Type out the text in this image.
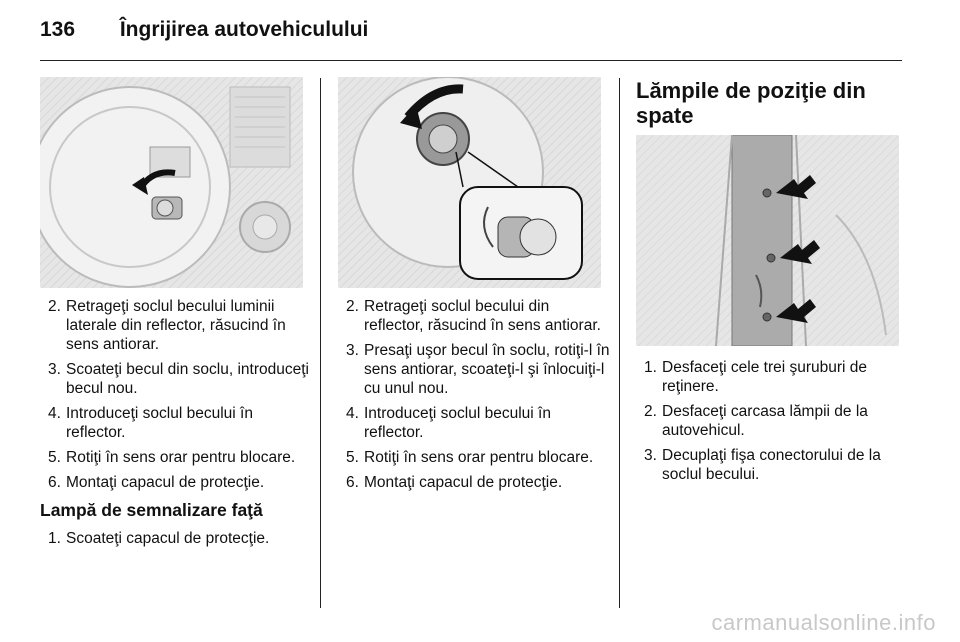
136 Îngrijirea autovehiculului
2. Retrageţi soclul becului luminii laterale din reflector, răsucind în sens antiorar.
3. Scoateţi becul din soclu, introduceţi becul nou.
4. Introduceţi soclul becului în reflector.
5. Rotiţi în sens orar pentru blocare.
6. Montaţi capacul de protecţie.
Lampă de semnalizare faţă
1. Scoateţi capacul de protecţie.
2. Retrageţi soclul becului din reflector, răsucind în sens antiorar.
3. Presaţi uşor becul în soclu, rotiţi-l în sens antiorar, scoateţi-l şi înlocuiţi-l cu unul nou.
4. Introduceţi soclul becului în reflector.
5. Rotiţi în sens orar pentru blocare.
6. Montaţi capacul de protecţie.
Lămpile de poziţie din spate
1. Desfaceţi cele trei şuruburi de reţinere.
2. Desfaceţi carcasa lămpii de la autovehicul.
3. Decuplaţi fişa conectorului de la soclul becului.
carmanualsonline.info
